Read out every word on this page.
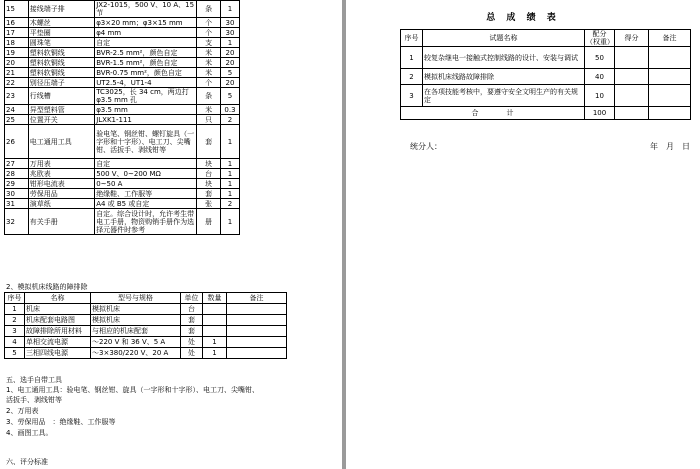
15	接线端子排	JX2-1015，500 V、10 A、15 节	条	1
16	木螺丝	φ3×20 mm；φ3×15 mm	个	30
17	平垫圈	φ4 mm	个	30
18	圆珠笔	自定	支	1
19	塑料软铜线	BVR-2.5 mm²，颜色自定	米	20
20	塑料软铜线	BVR-1.5 mm²，颜色自定	米	20
21	塑料软铜线	BVR-0.75 mm²，颜色自定	米	5
22	别径压端子	UT2.5-4，UT1-4	个	20
23	行线槽	TC3025，长 34 cm，两边打 φ3.5 mm 孔	条	5
24	异型塑料管	φ3.5 mm	米	0.3
25	位置开关	JLXK1-111	只	2
26	电工通用工具	验电笔、钢丝钳、螺钉旋具（一字形和十字形）、电工刀、尖嘴钳、活扳手、剥线钳等	套	1
27	万用表	自定	块	1
28	兆欧表	500 V、0~200 MΩ	台	1
29	钳形电流表	0~50 A	块	1
30	劳保用品	绝缘鞋、工作服等	套	1
31	演草纸	A4 或 B5 或自定	张	2
32	有关手册	自定。综合设计时，允许考生带电工手册，物资购销手册作为选择元器件时参考	册	1
2、模拟机床线路的障排除
序号	名称	型号与规格	单位	数量	备注
1	机床	模拟机床	台		
2	机床配套电路图	模拟机床	套		
3	故障排除所用材料	与相应的机床配套	套		
4	单相交流电源	～220 V 和 36 V、5 A	处	1	
5	三相四线电源	～3×380/220 V、20 A	处	1	
五、选手自带工具
1、电工通用工具：验电笔、钢丝钳、旋具（一字形和十字形）、电工刀、尖嘴钳、
活扳手、剥线钳等
2、万用表
3、劳保用品　：绝缘鞋、工作服等
4、画图工具。
六、评分标准
总 成 绩 表
序号	试题名称	配分（权重）	得分	备注
1	较复杂继电一接触式控制线路的设计、安装与调试	50		
2	模拟机床线路故障排除	40		
3	在各项技能考核中，要遵守安全文明生产的有关规定	10		
合　　　　计		100		
统分人：	年　月　日
